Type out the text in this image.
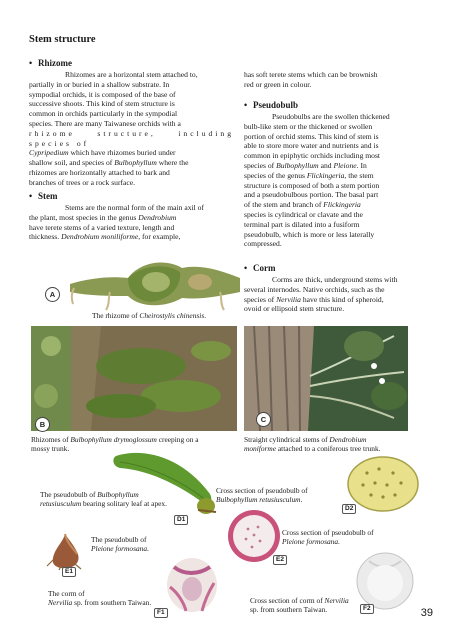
Stem structure
• Rhizome
Rhizomes are a horizontal stem attached to,
partially in or buried in a shallow substrate. In
sympodial orchids, it is composed of the base of
successive shoots. This kind of stem structure is
common in orchids particularly in the sympodial
species. There are many Taiwanese orchids with a
rhizome structure, including species of
Cypripedium which have rhizomes buried under
shallow soil, and species of Bulbophyllum where the
rhizomes are horizontally attached to bark and
branches of trees or a rock surface.
• Stem
Stems are the normal form of the main axil of
the plant, most species in the genus Dendrobium
have terete stems of a varied texture, length and
thickness. Dendrobium moniliforme, for example,
has soft terete stems which can be brownish
red or green in colour.
• Pseudobulb
Pseudobulbs are the swollen thickened
bulb-like stem or the thickened or swollen
portion of orchid stems. This kind of stem is
able to store more water and nutrients and is
common in epiphytic orchids including most
species of Bulbophyllum and Pleione. In
species of the genus Flickingeria, the stem
structure is composed of both a stem portion
and a pseudobulbous portion. The basal part
of the stem and branch of Flickingeria
species is cylindrical or clavate and the
terminal part is dilated into a fusiform
pseudobulb, which is more or less laterally
compressed.
• Corm
Corms are thick, underground stems with
several internodes. Native orchids, such as the
species of Nervilia have this kind of spheroid,
ovoid or ellipsoid stem structure.
A
The rhizome of Cheirostylis chinensis.
B
Rhizomes of Bulbophyllum drymoglossum creeping on a
mossy trunk.
C
Straight cylindrical stems of Dendrobium
moniforme attached to a coniferous tree trunk.
D1
The pseudobulb of Bulbophyllum
retusiusculum bearing solitary leaf at apex.
D2
Cross section of pseudobulb of
Bulbophyllum retusiusculum.
E1
The pseudobulb of
Pleione formosana.
E2
Cross section of pseudobulb of
Pleione formosana.
F1
The corm of
Nervilia sp. from southern Taiwan.
F2
Cross section of corm of Nervilia
sp. from southern Taiwan.	39
